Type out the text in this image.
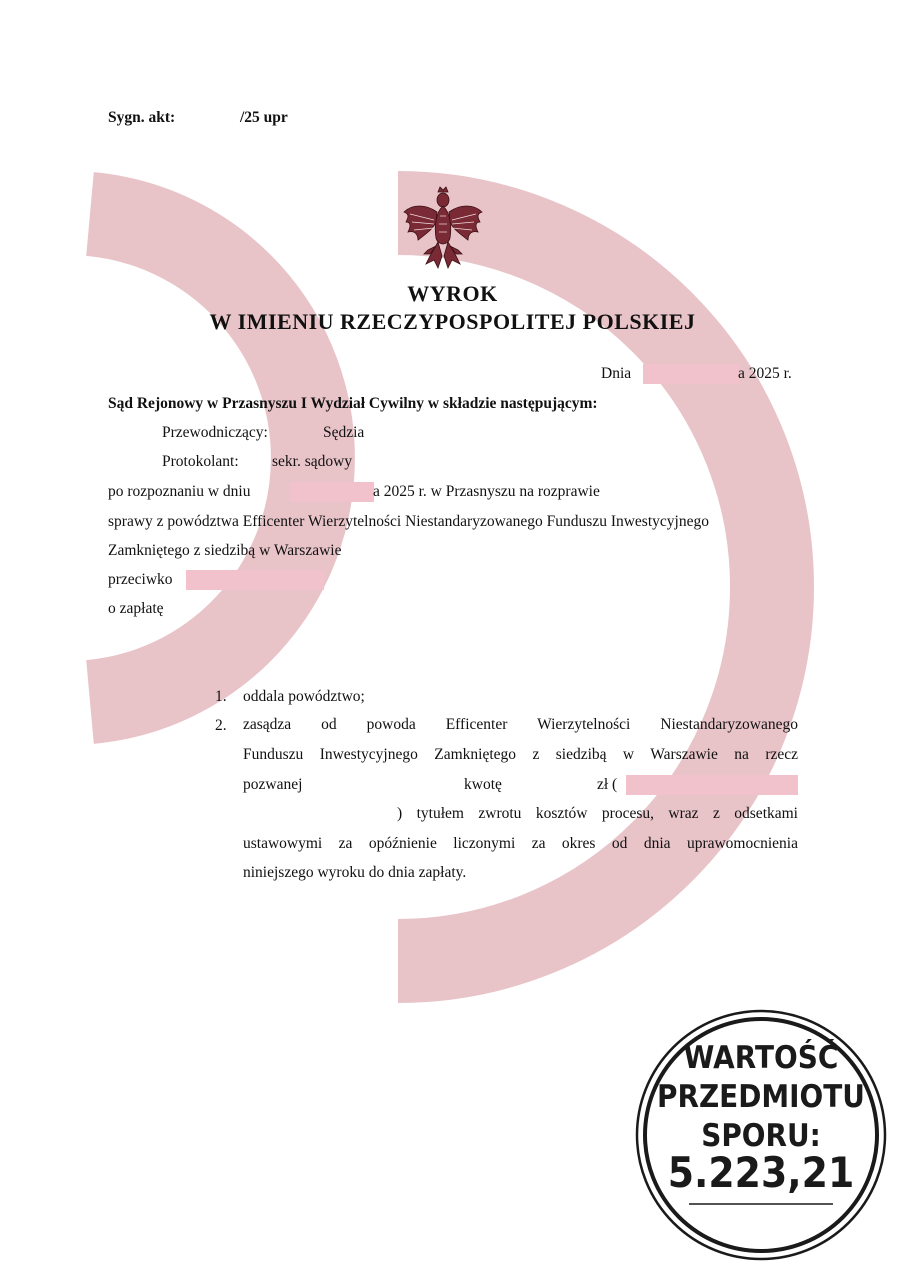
Sygn. akt:	/25 upr
WYROK
W IMIENIU RZECZYPOSPOLITEJ POLSKIEJ
Dnia	a 2025 r.
Sąd Rejonowy w Przasnyszu I Wydział Cywilny w składzie następującym:
Przewodniczący:	Sędzia
Protokolant: sekr. sądowy
po rozpoznaniu w dniu	a 2025 r. w Przasnyszu na rozprawie
sprawy z powództwa Efficenter Wierzytelności Niestandaryzowanego Funduszu Inwestycyjnego
Zamkniętego z siedzibą w Warszawie
przeciwko
o zapłatę
1. oddala powództwo;
2. zasądza od powoda Efficenter Wierzytelności Niestandaryzowanego
Funduszu Inwestycyjnego Zamkniętego z siedzibą w Warszawie na rzecz
pozwanej	kwotę	zł (
) tytułem zwrotu kosztów procesu, wraz z odsetkami
ustawowymi za opóźnienie liczonymi za okres od dnia uprawomocnienia
niniejszego wyroku do dnia zapłaty.
WARTOŚĆ
PRZEDMIOTU
SPORU:
5.223,21
